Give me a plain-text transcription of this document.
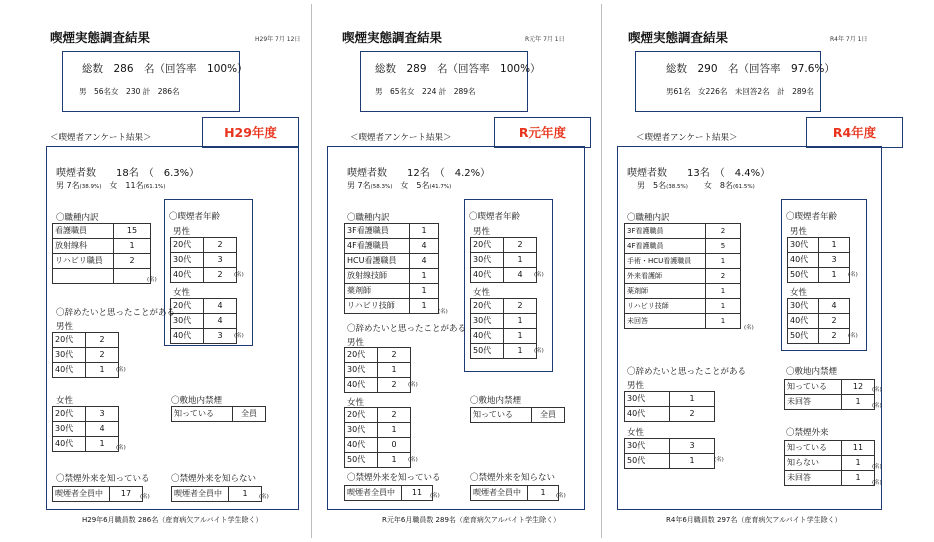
喫煙実態調査結果	H29年 7月 12日
総数　286　名（回答率　100%）
男　56名女　230 計　286名
H29年度
＜喫煙者アンケート結果＞
喫煙者数　　18名　（　6.3%）
男 7名(38.9%)　 女　11名(61.1%)
〇職種内訳
看護職員	15
放射線科	1
リハビリ職員	2

(名)
〇喫煙者年齢
男性
20代	2
30代	3
40代	2 (名)
女性
20代	4
30代	4
40代	3 (名)
〇辞めたいと思ったことがある
男性
20代	2
30代	2
40代	1 (名)
女性
20代	3
30代	4
40代	1 (名)
〇敷地内禁煙
知っている	全員
〇禁煙外来を知っている
喫煙者全員中	17 (名)
〇禁煙外来を知らない
喫煙者全員中	1 (名)
H29年6月職員数 286名（産育病欠アルバイト学生除く）
喫煙実態調査結果	R元年 7月 1日
総数　289　名（回答率　100%）
男　65名女　224 計　289名
R元年度
＜喫煙者アンケート結果＞
喫煙者数　　12名　（　4.2%）
男 7名(58.3%)　 女　5名(41.7%)
〇職種内訳
3F看護職員	1
4F看護職員	4
HCU看護職員	4
放射線技師	1
薬剤師	1
リハビリ技師	1
(名)
〇喫煙者年齢
男性
20代	2
30代	1
40代	4 (名)
女性
20代	2
30代	1
40代	1
50代	1 (名)
〇辞めたいと思ったことがある
男性
20代	2
30代	1
40代	2 (名)
女性
20代	2
30代	1
40代	0
50代	1 (名)
〇敷地内禁煙
知っている	全員
〇禁煙外来を知っている
喫煙者全員中	11 (名)
〇禁煙外来を知らない
喫煙者全員中	1 (名)
R元年6月職員数 289名（産育病欠アルバイト学生除く）
喫煙実態調査結果	R4年 7月 1日
総数　290　名（回答率　97.6%）
男61名　女226名　未回答2名　計　289名
R4年度
＜喫煙者アンケート結果＞
喫煙者数　　13名　（　4.4%）
男　5名(38.5%)　　 女　8名(61.5%)
〇職種内訳
3F看護職員	2
4F看護職員	5
手術・HCU看護職員	1
外来看護師	2
薬剤師	1
リハビリ技師	1
未回答	1
(名)
〇喫煙者年齢
男性
30代	1
40代	3
50代	1 (名)
女性
30代	4
40代	2
50代	2 (名)
〇辞めたいと思ったことがある
男性
30代	1
40代	2
女性
30代	3
50代	1	(名)
〇敷地内禁煙
知っている	12
未回答	1
(名)
(名)
〇禁煙外来
知っている	11
知らない	1
未回答	1
(名)
(名)
R4年6月職員数 297名（産育病欠アルバイト学生除く）
